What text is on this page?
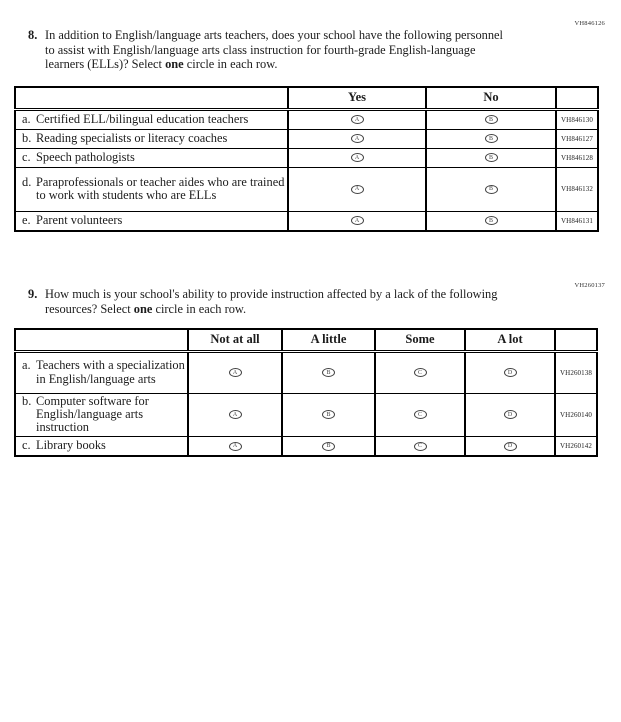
VH846126
8. In addition to English/language arts teachers, does your school have the following personnel to assist with English/language arts class instruction for fourth-grade English-language learners (ELLs)? Select one circle in each row.
	Yes	No	

a. Certified ELL/bilingual education teachers	A	B	VH846130

b. Reading specialists or literacy coaches	A	B	VH846127

c. Speech pathologists	A	B	VH846128

d. Paraprofessionals or teacher aides who are trained to work with students who are ELLs	A	B	VH846132

e. Parent volunteers	A	B	VH846131
VH260137
9. How much is your school's ability to provide instruction affected by a lack of the following resources? Select one circle in each row.
	Not at all	A little	Some	A lot	

a. Teachers with a specialization in English/language arts	A	B	C	D	VH260138

b. Computer software for English/language arts instruction	A	B	C	D	VH260140

c. Library books	A	B	C	D	VH260142
